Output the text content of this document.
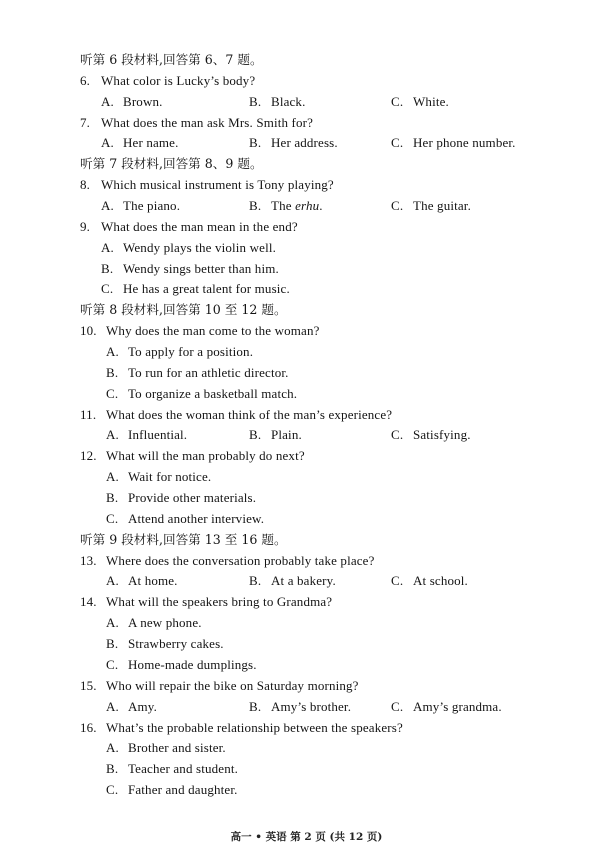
听第 6 段材料,回答第 6、7 题。
6. What color is Lucky’s body?
A. Brown.	B. Black.	C. White.
7. What does the man ask Mrs. Smith for?
A. Her name.	B. Her address.	C. Her phone number.
听第 7 段材料,回答第 8、9 题。
8. Which musical instrument is Tony playing?
A. The piano.	B. The erhu.	C. The guitar.
9. What does the man mean in the end?
A. Wendy plays the violin well.
B. Wendy sings better than him.
C. He has a great talent for music.
听第 8 段材料,回答第 10 至 12 题。
10. Why does the man come to the woman?
A. To apply for a position.
B. To run for an athletic director.
C. To organize a basketball match.
11. What does the woman think of the man’s experience?
A. Influential.	B. Plain.	C. Satisfying.
12. What will the man probably do next?
A. Wait for notice.
B. Provide other materials.
C. Attend another interview.
听第 9 段材料,回答第 13 至 16 题。
13. Where does the conversation probably take place?
A. At home.	B. At a bakery.	C. At school.
14. What will the speakers bring to Grandma?
A. A new phone.
B. Strawberry cakes.
C. Home-made dumplings.
15. Who will repair the bike on Saturday morning?
A. Amy.	B. Amy’s brother.	C. Amy’s grandma.
16. What’s the probable relationship between the speakers?
A. Brother and sister.
B. Teacher and student.
C. Father and daughter.
高一 • 英语 第 2 页 (共 12 页)
